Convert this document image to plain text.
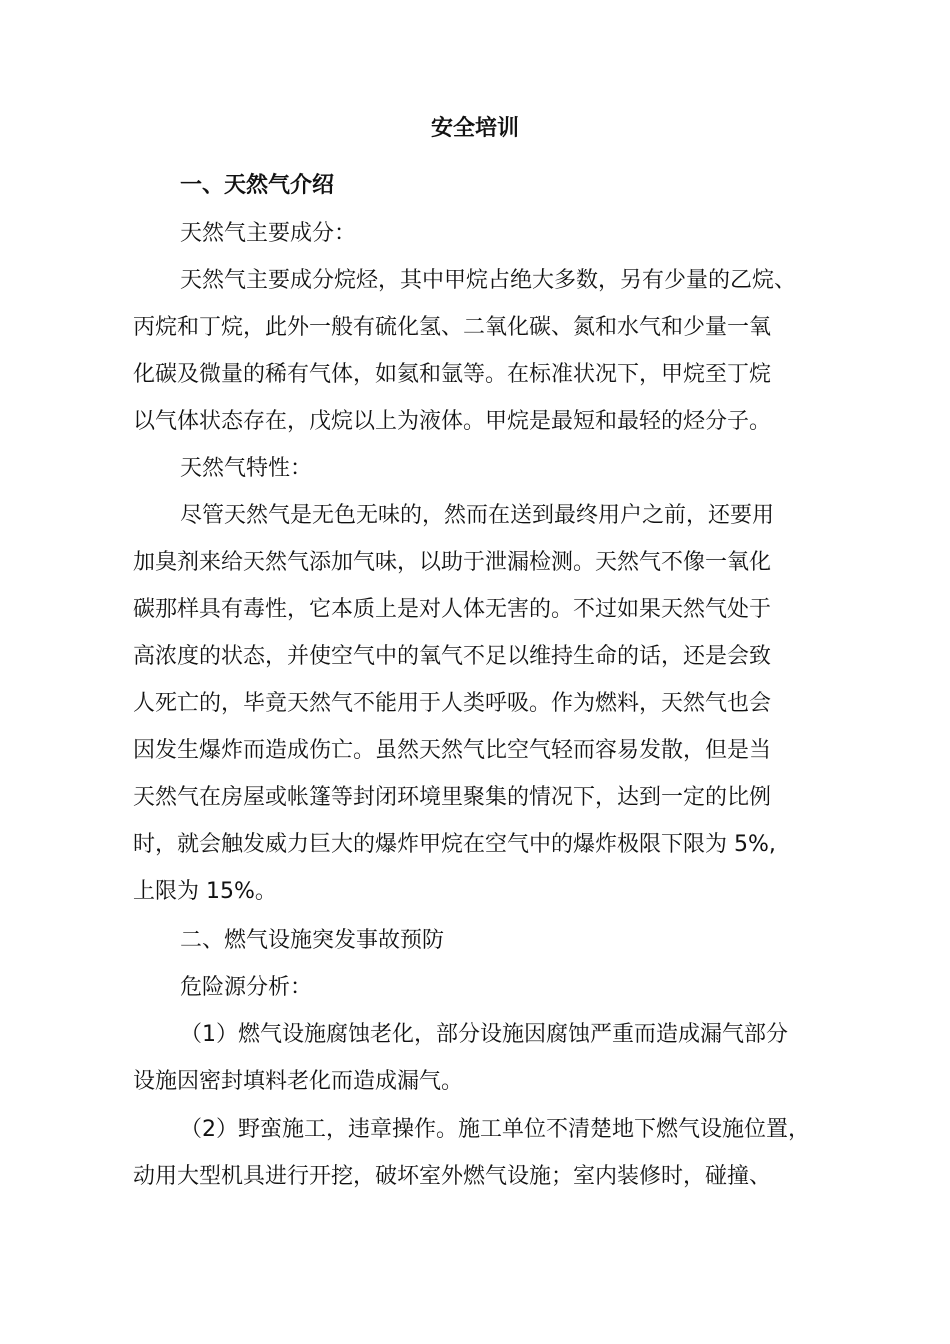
安全培训
一、天然气介绍
天然气主要成分：
天然气主要成分烷烃，其中甲烷占绝大多数，另有少量的乙烷、
丙烷和丁烷，此外一般有硫化氢、二氧化碳、氮和水气和少量一氧
化碳及微量的稀有气体，如氦和氩等。在标准状况下，甲烷至丁烷
以气体状态存在，戊烷以上为液体。甲烷是最短和最轻的烃分子。
天然气特性：
尽管天然气是无色无味的，然而在送到最终用户之前，还要用
加臭剂来给天然气添加气味，以助于泄漏检测。天然气不像一氧化
碳那样具有毒性，它本质上是对人体无害的。不过如果天然气处于
高浓度的状态，并使空气中的氧气不足以维持生命的话，还是会致
人死亡的，毕竟天然气不能用于人类呼吸。作为燃料，天然气也会
因发生爆炸而造成伤亡。虽然天然气比空气轻而容易发散，但是当
天然气在房屋或帐篷等封闭环境里聚集的情况下，达到一定的比例
时，就会触发威力巨大的爆炸甲烷在空气中的爆炸极限下限为 5%,
上限为 15%。
二、燃气设施突发事故预防
危险源分析：
（1）燃气设施腐蚀老化，部分设施因腐蚀严重而造成漏气部分
设施因密封填料老化而造成漏气。
（2）野蛮施工，违章操作。施工单位不清楚地下燃气设施位置，
动用大型机具进行开挖，破坏室外燃气设施；室内装修时，碰撞、
